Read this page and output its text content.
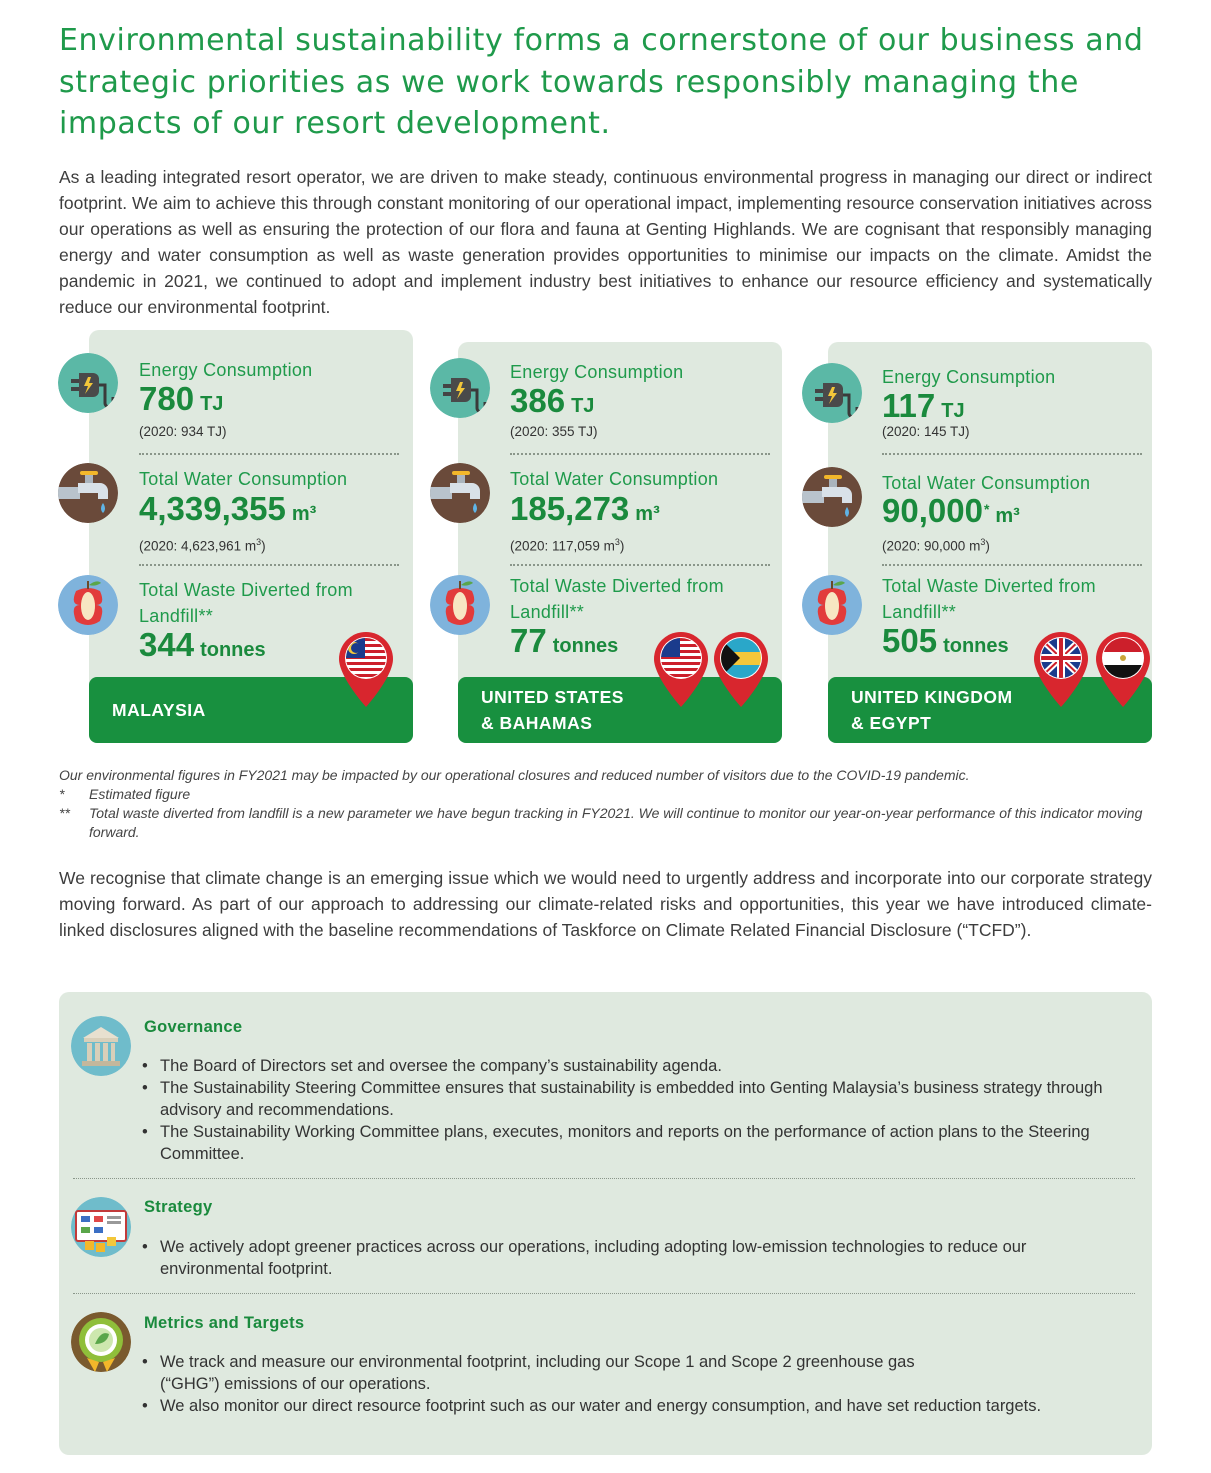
Environmental sustainability forms a cornerstone of our business and strategic priorities as we work towards responsibly managing the impacts of our resort development.

As a leading integrated resort operator, we are driven to make steady, continuous environmental progress in managing our direct or indirect footprint. We aim to achieve this through constant monitoring of our operational impact, implementing resource conservation initiatives across our operations as well as ensuring the protection of our flora and fauna at Genting Highlands. We are cognisant that responsibly managing energy and water consumption as well as waste generation provides opportunities to minimise our impacts on the climate. Amidst the pandemic in 2021, we continued to adopt and implement industry best initiatives to enhance our resource efficiency and systematically reduce our environmental footprint.

MALAYSIA

Energy Consumption
780 TJ
(2020: 934 TJ)
Total Water Consumption
4,339,355 m³
(2020: 4,623,961 $m^3$)
Total Waste Diverted from Landfill**
344 tonnes
UNITED STATES
& BAHAMAS
Energy Consumption
386 TJ
(2020: 355 TJ)
Total Water Consumption
185,273 m³
(2020: 117,059 $m^3$)
Total Waste Diverted from Landfill**
77 tonnes
UNITED KINGDOM
& EGYPT
Energy Consumption
117 TJ
(2020: 145 TJ)
Total Water Consumption
90,000* m³
(2020: 90,000 $m^3$)
Total Waste Diverted from Landfill**
505 tonnes
Our environmental figures in FY2021 may be impacted by our operational closures and reduced number of visitors due to the COVID-19 pandemic.
*	Estimated figure
**	Total waste diverted from landfill is a new parameter we have begun tracking in FY2021. We will continue to monitor our year-on-year performance of this indicator moving forward.

We recognise that climate change is an emerging issue which we would need to urgently address and incorporate into our corporate strategy moving forward. As part of our approach to addressing our climate-related risks and opportunities, this year we have introduced climate-linked disclosures aligned with the baseline recommendations of Taskforce on Climate Related Financial Disclosure (“TCFD”).

Governance
• The Board of Directors set and oversee the company’s sustainability agenda.
• The Sustainability Steering Committee ensures that sustainability is embedded into Genting Malaysia’s business strategy through advisory and recommendations.
• The Sustainability Working Committee plans, executes, monitors and reports on the performance of action plans to the Steering Committee.
Strategy
• We actively adopt greener practices across our operations, including adopting low-emission technologies to reduce our environmental footprint.
Metrics and Targets
• We track and measure our environmental footprint, including our Scope 1 and Scope 2 greenhouse gas (“GHG”) emissions of our operations.
• We also monitor our direct resource footprint such as our water and energy consumption, and have set reduction targets.
